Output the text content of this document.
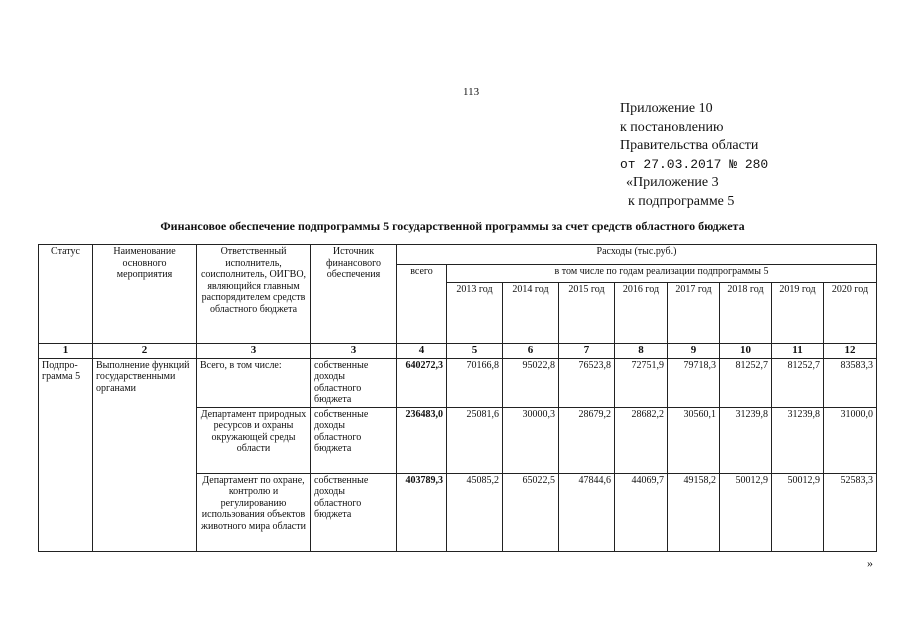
113
Приложение 10
к постановлению
Правительства области
от 27.03.2017 № 280
«Приложение 3
к подпрограмме 5
Финансовое обеспечение подпрограммы 5 государственной программы за счет средств областного бюджета
Статус	Наименование основного мероприятия	Ответственный исполнитель, соисполнитель, ОИГВО, являющийся главным распорядителем средств областного бюджета	Источник финансового обеспечения	Расходы (тыс.руб.)								
				всего	в том числе по годам реализации подпрограммы 5							
					2013 год	2014 год	2015 год	2016 год	2017 год	2018 год	2019 год	2020 год
1	2	3	3	4	5	6	7	8	9	10	11	12
Подпро-грамма 5	Выполнение функций государственными органами	Всего, в том числе:	собственные доходы областного бюджета	640272,3	70166,8	95022,8	76523,8	72751,9	79718,3	81252,7	81252,7	83583,3
		Департамент природных ресурсов и охраны окружающей среды области	собственные доходы областного бюджета	236483,0	25081,6	30000,3	28679,2	28682,2	30560,1	31239,8	31239,8	31000,0
		Департамент по охране, контролю и регулированию использования объектов животного мира области	собственные доходы областного бюджета	403789,3	45085,2	65022,5	47844,6	44069,7	49158,2	50012,9	50012,9	52583,3
»
